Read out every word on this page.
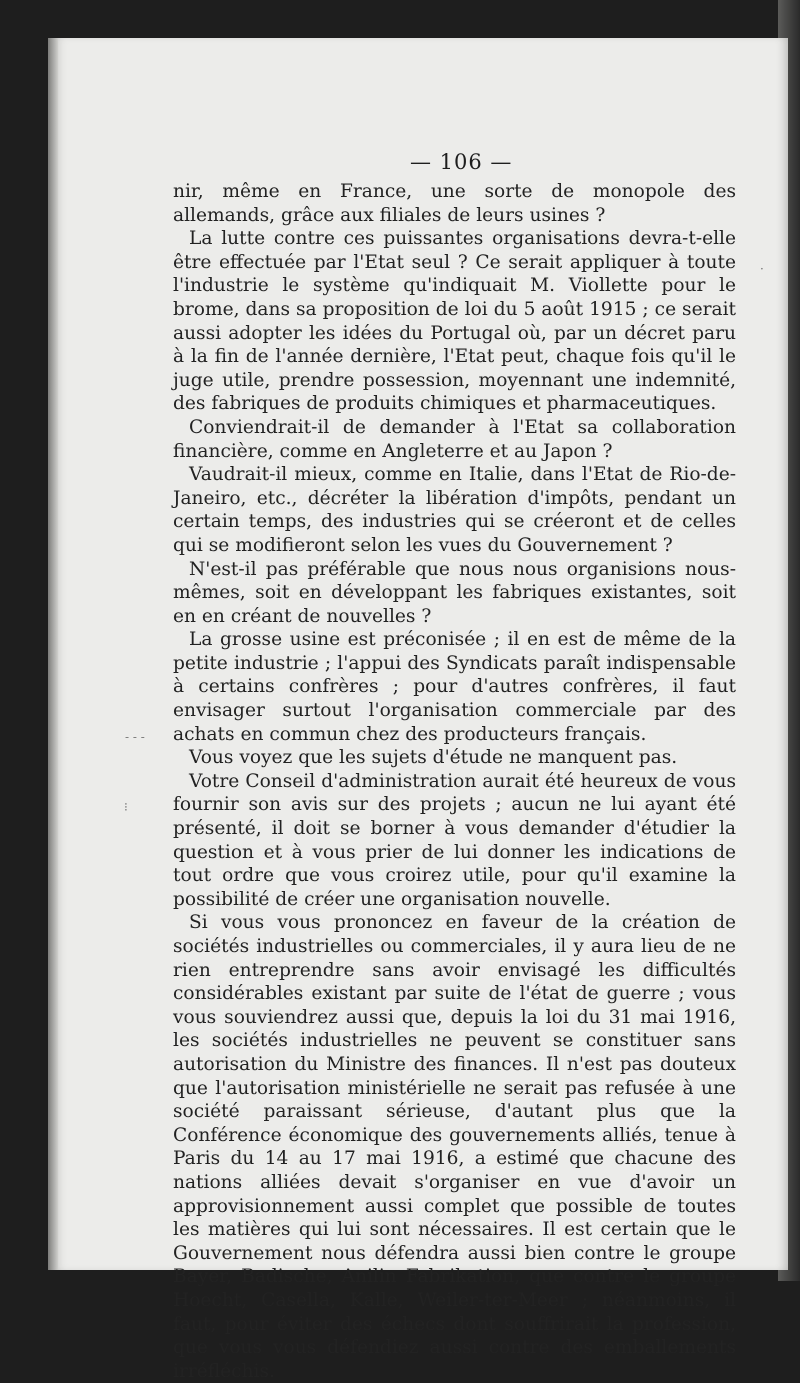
— 106 —

nir, même en France, une sorte de monopole des allemands, grâce aux filiales de leurs usines ?

La lutte contre ces puissantes organisations devra-t-elle être effectuée par l'Etat seul ? Ce serait appliquer à toute l'industrie le système qu'indiquait M. Viollette pour le brome, dans sa proposition de loi du 5 août 1915 ; ce serait aussi adopter les idées du Portugal où, par un décret paru à la fin de l'année dernière, l'Etat peut, chaque fois qu'il le juge utile, prendre possession, moyennant une indemnité, des fabriques de produits chimiques et pharmaceutiques.

Conviendrait-il de demander à l'Etat sa collaboration financière, comme en Angleterre et au Japon ?

Vaudrait-il mieux, comme en Italie, dans l'Etat de Rio-de-Janeiro, etc., décréter la libération d'impôts, pendant un certain temps, des industries qui se créeront et de celles qui se modifieront selon les vues du Gouvernement ?

N'est-il pas préférable que nous nous organisions nous-mêmes, soit en développant les fabriques existantes, soit en en créant de nouvelles ?

La grosse usine est préconisée ; il en est de même de la petite industrie ; l'appui des Syndicats paraît indispensable à certains confrères ; pour d'autres confrères, il faut envisager surtout l'organisation commerciale par des achats en commun chez des producteurs français.

Vous voyez que les sujets d'étude ne manquent pas.

Votre Conseil d'administration aurait été heureux de vous fournir son avis sur des projets ; aucun ne lui ayant été présenté, il doit se borner à vous demander d'étudier la question et à vous prier de lui donner les indications de tout ordre que vous croirez utile, pour qu'il examine la possibilité de créer une organisation nouvelle.

Si vous vous prononcez en faveur de la création de sociétés industrielles ou commerciales, il y aura lieu de ne rien entreprendre sans avoir envisagé les difficultés considérables existant par suite de l'état de guerre ; vous vous souviendrez aussi que, depuis la loi du 31 mai 1916, les sociétés industrielles ne peuvent se constituer sans autorisation du Ministre des finances. Il n'est pas douteux que l'autorisation ministérielle ne serait pas refusée à une société paraissant sérieuse, d'autant plus que la Conférence économique des gouvernements alliés, tenue à Paris du 14 au 17 mai 1916, a estimé que chacune des nations alliées devait s'organiser en vue d'avoir un approvisionnement aussi complet que possible de toutes les matières qui lui sont nécessaires. Il est certain que le Gouvernement nous défendra aussi bien contre le groupe Bayer, Badische, Anilin Fabrikation, que contre le groupe Hoecht, Casella, Kalle, Weiler-ter-Meer ; néanmoins, il faut, pour éviter des échecs dont souffrirait la profession, que vous vous défendiez aussi contre des emballements irréfléchis.

- - -
⁝
·
